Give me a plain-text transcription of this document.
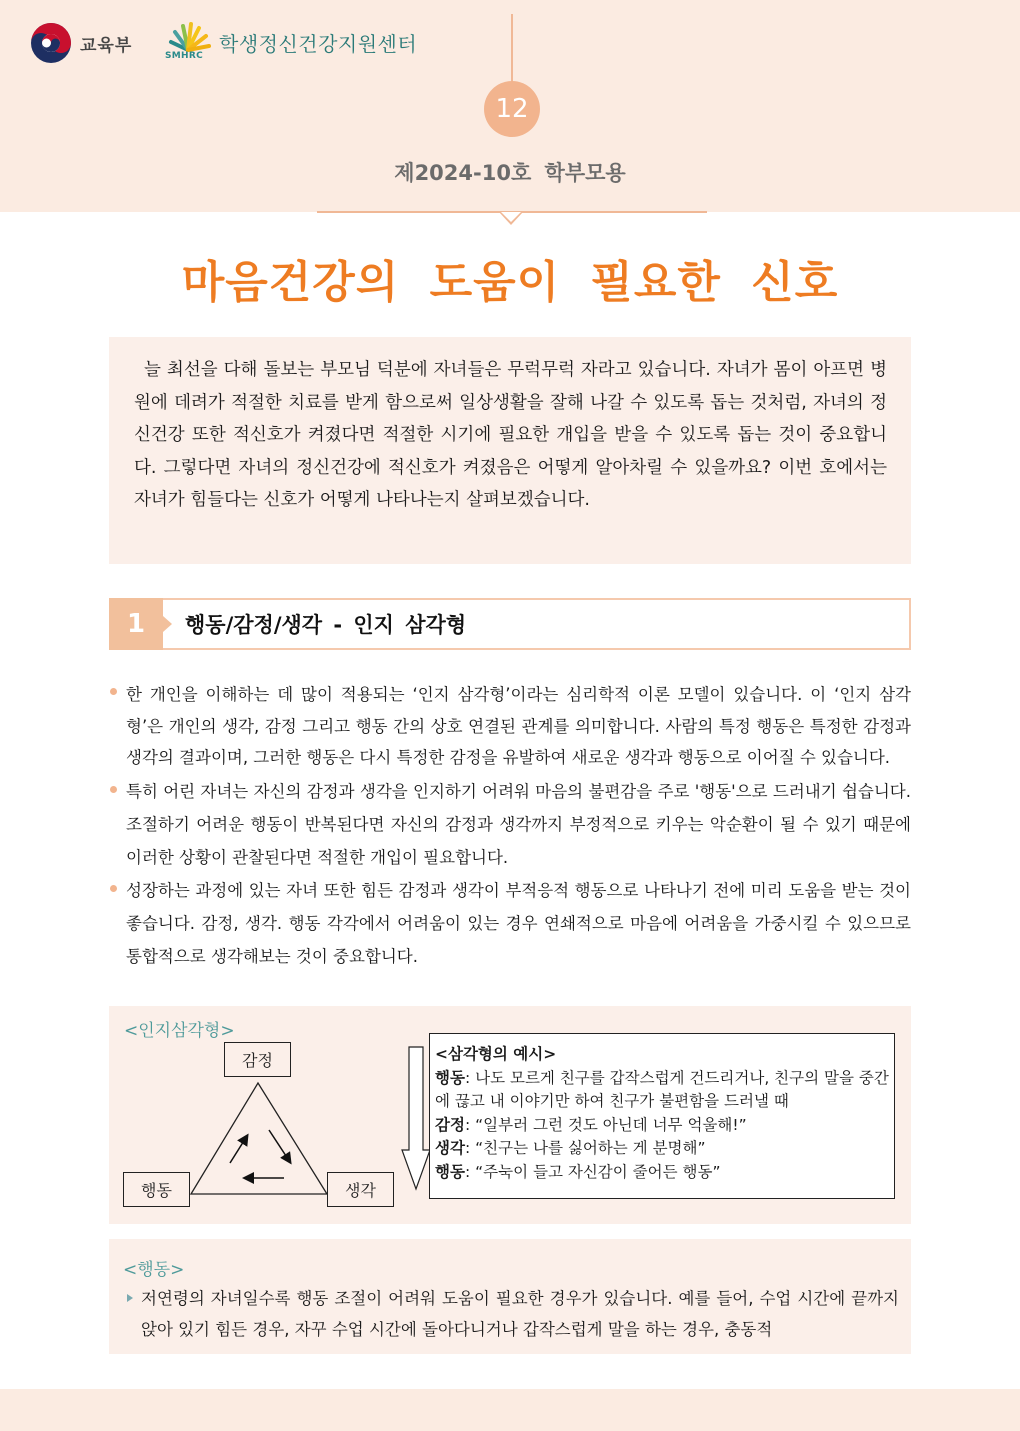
교육부
SMHRC
학생정신건강지원센터
12
제2024-10호 학부모용
마음건강의 도움이 필요한 신호

늘 최선을 다해 돌보는 부모님 덕분에 자녀들은 무럭무럭 자라고 있습니다. 자녀가 몸이 아프면 병원에 데려가 적절한 치료를 받게 함으로써 일상생활을 잘해 나갈 수 있도록 돕는 것처럼, 자녀의 정신건강 또한 적신호가 켜졌다면 적절한 시기에 필요한 개입을 받을 수 있도록 돕는 것이 중요합니다. 그렇다면 자녀의 정신건강에 적신호가 켜졌음은 어떻게 알아차릴 수 있을까요? 이번 호에서는 자녀가 힘들다는 신호가 어떻게 나타나는지 살펴보겠습니다.

1	행동/감정/생각 - 인지 삼각형
한 개인을 이해하는 데 많이 적용되는 ‘인지 삼각형’이라는 심리학적 이론 모델이 있습니다. 이 ‘인지 삼각형’은 개인의 생각, 감정 그리고 행동 간의 상호 연결된 관계를 의미합니다. 사람의 특정 행동은 특정한 감정과 생각의 결과이며, 그러한 행동은 다시 특정한 감정을 유발하여 새로운 생각과 행동으로 이어질 수 있습니다.
특히 어린 자녀는 자신의 감정과 생각을 인지하기 어려워 마음의 불편감을 주로 '행동'으로 드러내기 쉽습니다. 조절하기 어려운 행동이 반복된다면 자신의 감정과 생각까지 부정적으로 키우는 악순환이 될 수 있기 때문에 이러한 상황이 관찰된다면 적절한 개입이 필요합니다.
성장하는 과정에 있는 자녀 또한 힘든 감정과 생각이 부적응적 행동으로 나타나기 전에 미리 도움을 받는 것이 좋습니다. 감정, 생각. 행동 각각에서 어려움이 있는 경우 연쇄적으로 마음에 어려움을 가중시킬 수 있으므로 통합적으로 생각해보는 것이 중요합니다.
<인지삼각형>
감정
행동	생각
<삼각형의 예시>
행동: 나도 모르게 친구를 갑작스럽게 건드리거나, 친구의 말을 중간에 끊고 내 이야기만 하여 친구가 불편함을 드러낼 때
감정: “일부러 그런 것도 아닌데 너무 억울해!”
생각: “친구는 나를 싫어하는 게 분명해”
행동: “주눅이 들고 자신감이 줄어든 행동”
<행동>
저연령의 자녀일수록 행동 조절이 어려워 도움이 필요한 경우가 있습니다. 예를 들어, 수업 시간에 끝까지 앉아 있기 힘든 경우, 자꾸 수업 시간에 돌아다니거나 갑작스럽게 말을 하는 경우, 충동적
